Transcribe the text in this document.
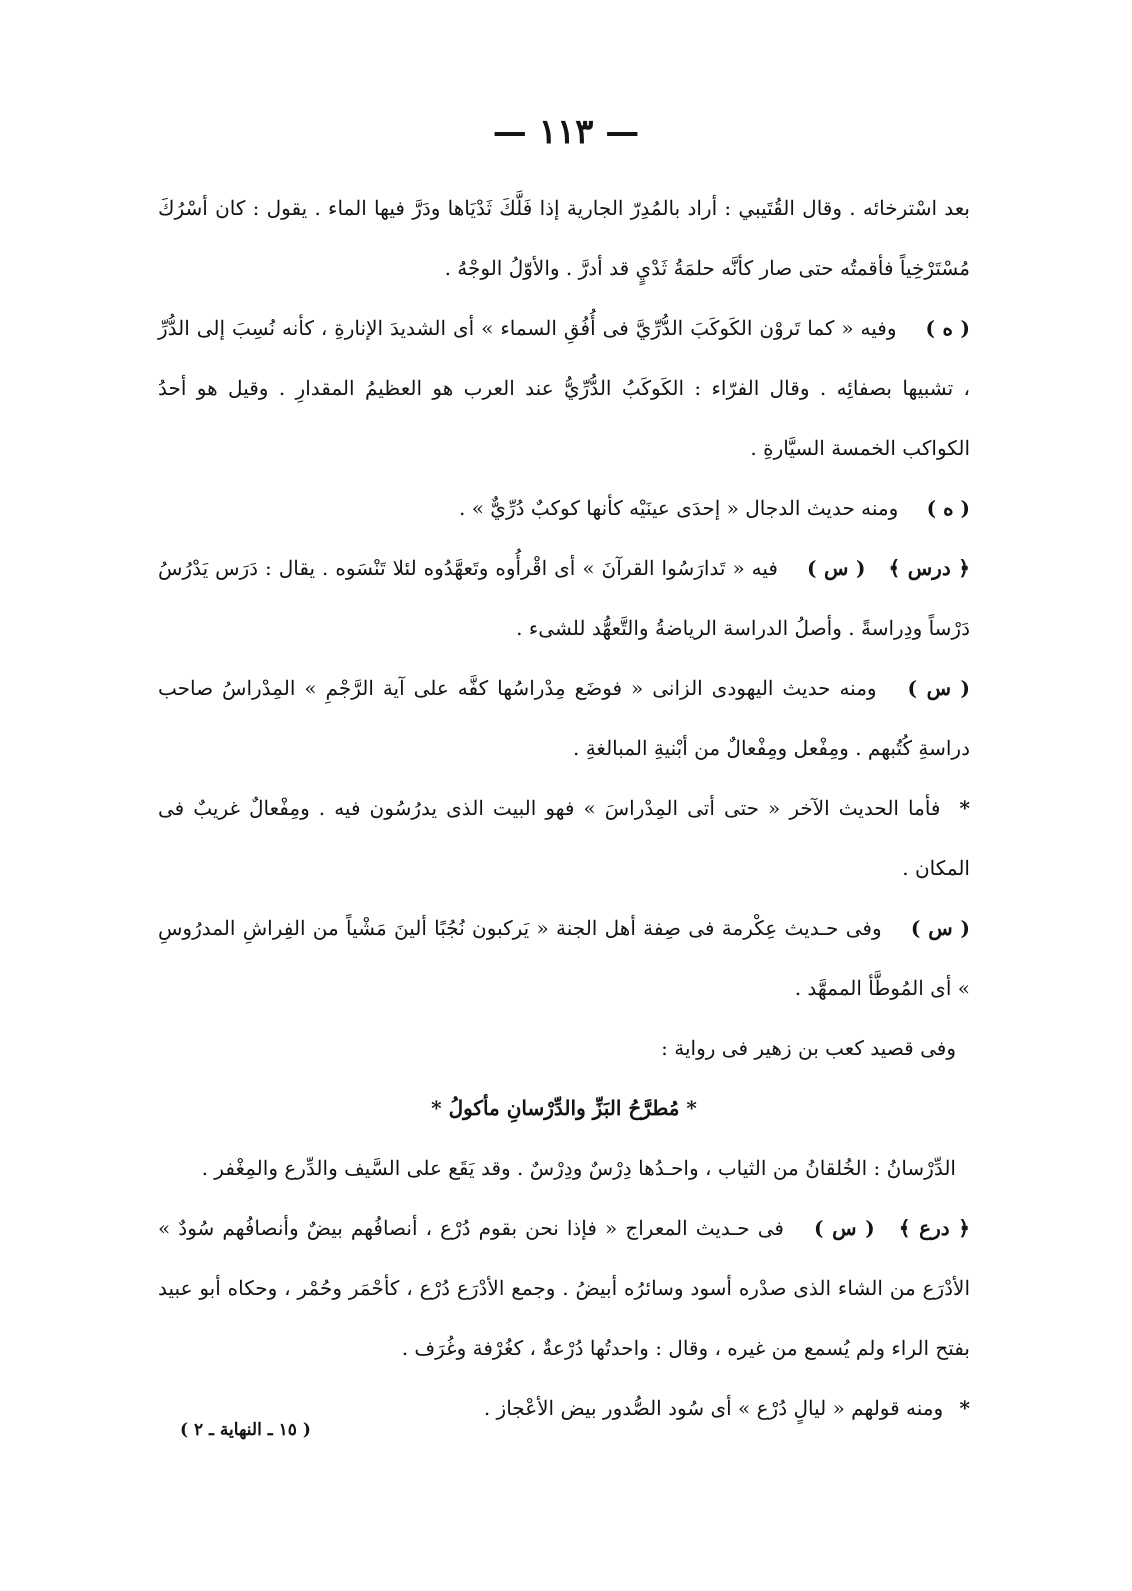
— ١١٣ —

بعد اسْترخائه . وقال القُتَيبي : أراد بالمُدِرّ الجارية إذا فَلَّكَ ثَدْيَاها ودَرَّ فيها الماء . يقول : كان أسْرُكَ مُسْتَرْخِياً فأقمتُه حتى صار كأنَّه حلمَةُ ثَدْيٍ قد أدرَّ . والأوّلُ الوجْهُ .

( ه ) وفيه « كما تَروْن الكَوكَبَ الدُّرِّيَّ فى أُفُقِ السماء » أى الشديدَ الإنارةِ ، كأنه نُسِبَ إلى الدُّرِّ ، تشبيها بصفائِه . وقال الفرّاء : الكَوكَبُ الدُّرِّيُّ عند العرب هو العظيمُ المقدارِ . وقيل هو أحدُ الكواكب الخمسة السيَّارةِ .

( ه ) ومنه حديث الدجال « إحدَى عينَيْه كأنها كوكبٌ دُرِّيٌّ » .

﴿ درس ﴾ ( س ) فيه « تَدارَسُوا القرآنَ » أى اقْرأُوه وتَعهَّدُوه لئلا تَنْسَوه . يقال : دَرَس يَدْرُسُ دَرْساً ودِراسةً . وأصلُ الدراسة الرياضةُ والتَّعهُّد للشىء .

( س ) ومنه حديث اليهودى الزانى « فوضَع مِدْراسُها كفَّه على آية الرَّجْمِ » المِدْراسُ صاحب دراسةِ كُتُبهم . ومِفْعل ومِفْعالٌ من أبْنيةِ المبالغةِ .

* فأما الحديث الآخر « حتى أتى المِدْراسَ » فهو البيت الذى يدرُسُون فيه . ومِفْعالٌ غريبٌ فى المكان .

( س ) وفى حـديث عِكْرمة فى صِفة أهل الجنة « يَركبون نُجُبًا ألينَ مَشْياً من الفِراشِ المدرُوسِ » أى المُوطَّأ الممهَّد .

وفى قصيد كعب بن زهير فى رواية :

* مُطرَّحُ البَزِّ والدِّرْسانِ مأكولُ *

الدِّرْسانُ : الخُلقانُ من الثياب ، واحـدُها دِرْسٌ ودِرْسٌ . وقد يَقَع على السَّيف والدِّرع والمِغْفر .

﴿ درع ﴾ ( س ) فى حـديث المعراج « فإذا نحن بقوم دُرْع ، أنصافُهم بيضٌ وأنصافُهم سُودٌ » الأدْرَع من الشاء الذى صدْره أسود وسائرُه أبيضُ . وجمع الأدْرَع دُرْع ، كأحْمَر وحُمْر ، وحكاه أبو عبيد بفتح الراء ولم يُسمع من غيره ، وقال : واحدتُها دُرْعةٌ ، كغُرْفة وغُرَف .

* ومنه قولهم « ليالٍ دُرْع » أى سُود الصُّدور بيض الأعْجاز .

( ١٥ ـ النهاية ـ ٢ )
